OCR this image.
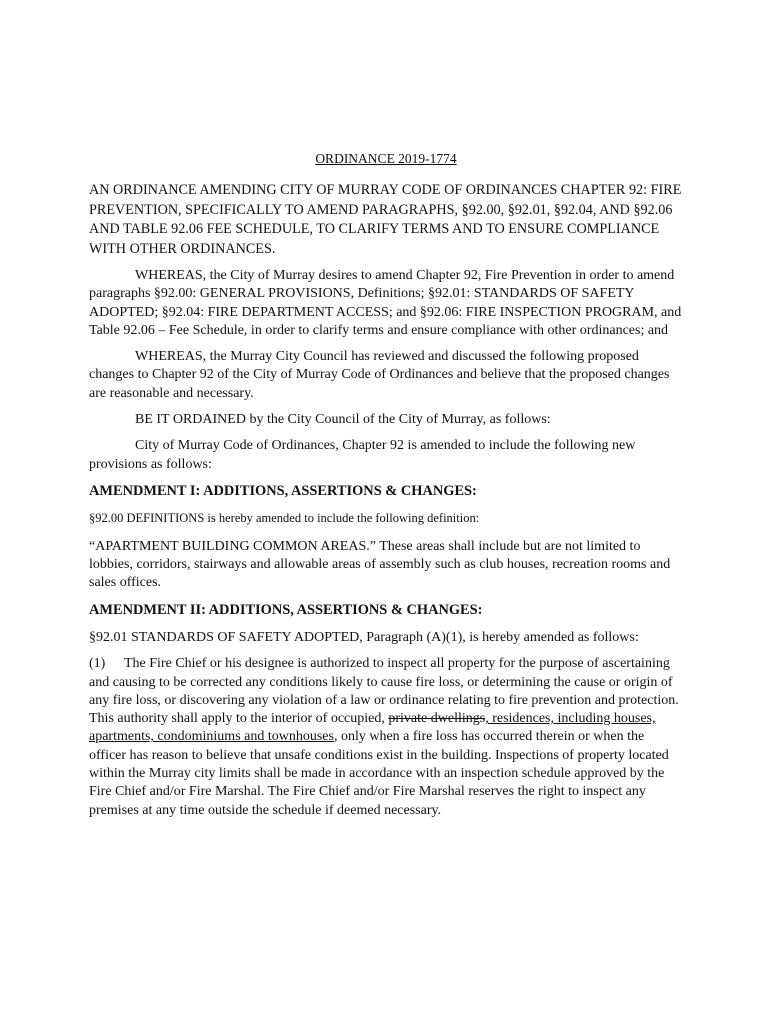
ORDINANCE 2019-1774

AN ORDINANCE AMENDING CITY OF MURRAY CODE OF ORDINANCES CHAPTER 92: FIRE PREVENTION, SPECIFICALLY TO AMEND PARAGRAPHS, §92.00, §92.01, §92.04, AND §92.06 AND TABLE 92.06 FEE SCHEDULE, TO CLARIFY TERMS AND TO ENSURE COMPLIANCE WITH OTHER ORDINANCES.

WHEREAS, the City of Murray desires to amend Chapter 92, Fire Prevention in order to amend paragraphs §92.00: GENERAL PROVISIONS, Definitions; §92.01: STANDARDS OF SAFETY ADOPTED; §92.04: FIRE DEPARTMENT ACCESS; and §92.06: FIRE INSPECTION PROGRAM, and Table 92.06 – Fee Schedule, in order to clarify terms and ensure compliance with other ordinances; and

WHEREAS, the Murray City Council has reviewed and discussed the following proposed changes to Chapter 92 of the City of Murray Code of Ordinances and believe that the proposed changes are reasonable and necessary.

BE IT ORDAINED by the City Council of the City of Murray, as follows:

City of Murray Code of Ordinances, Chapter 92 is amended to include the following new provisions as follows:

AMENDMENT I: ADDITIONS, ASSERTIONS & CHANGES:

§92.00 DEFINITIONS is hereby amended to include the following definition:

“APARTMENT BUILDING COMMON AREAS.” These areas shall include but are not limited to lobbies, corridors, stairways and allowable areas of assembly such as club houses, recreation rooms and sales offices.

AMENDMENT II: ADDITIONS, ASSERTIONS & CHANGES:

§92.01 STANDARDS OF SAFETY ADOPTED, Paragraph (A)(1), is hereby amended as follows:

(1) The Fire Chief or his designee is authorized to inspect all property for the purpose of ascertaining and causing to be corrected any conditions likely to cause fire loss, or determining the cause or origin of any fire loss, or discovering any violation of a law or ordinance relating to fire prevention and protection. This authority shall apply to the interior of occupied, private dwellings, residences, including houses, apartments, condominiums and townhouses, only when a fire loss has occurred therein or when the officer has reason to believe that unsafe conditions exist in the building. Inspections of property located within the Murray city limits shall be made in accordance with an inspection schedule approved by the Fire Chief and/or Fire Marshal. The Fire Chief and/or Fire Marshal reserves the right to inspect any premises at any time outside the schedule if deemed necessary.
